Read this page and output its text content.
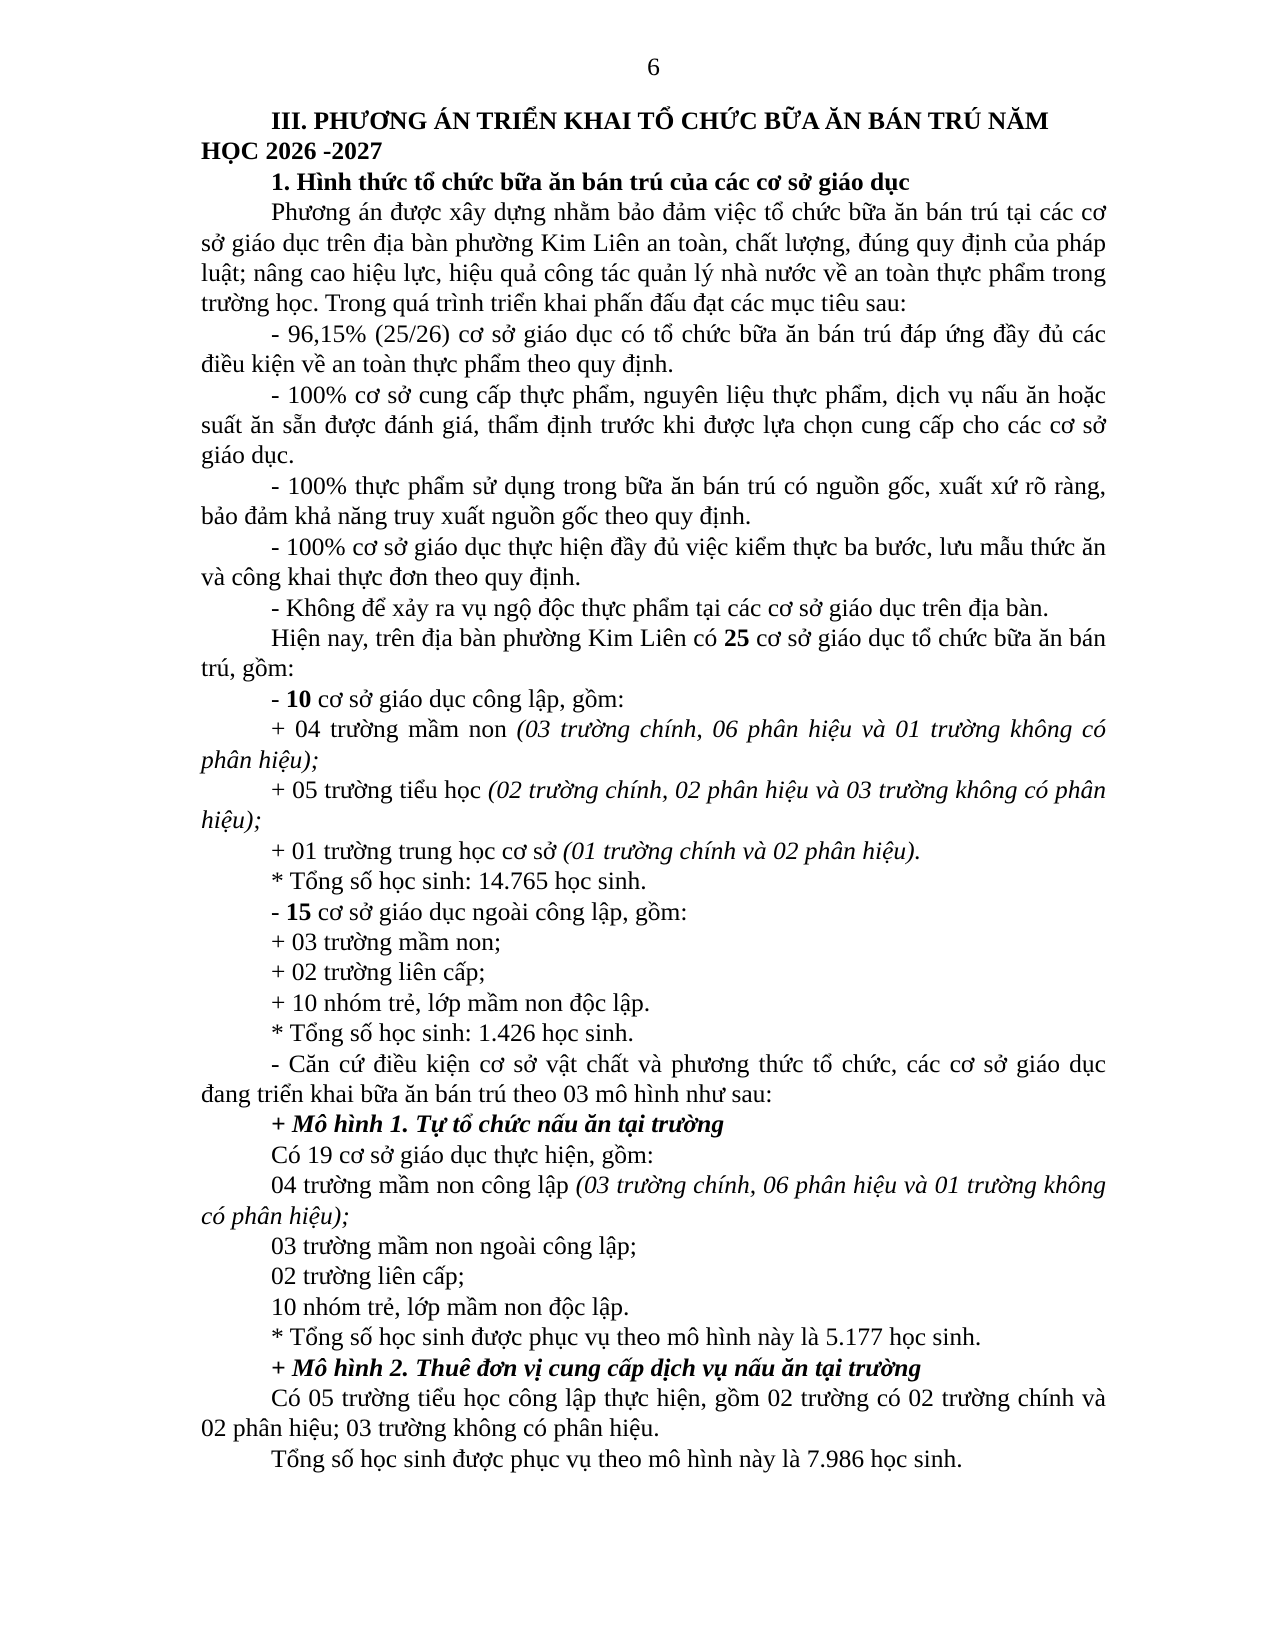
6

III. PHƯƠNG ÁN TRIỂN KHAI TỔ CHỨC BỮA ĂN BÁN TRÚ NĂM HỌC 2026 -2027

1. Hình thức tổ chức bữa ăn bán trú của các cơ sở giáo dục

Phương án được xây dựng nhằm bảo đảm việc tổ chức bữa ăn bán trú tại các cơ sở giáo dục trên địa bàn phường Kim Liên an toàn, chất lượng, đúng quy định của pháp luật; nâng cao hiệu lực, hiệu quả công tác quản lý nhà nước về an toàn thực phẩm trong trường học. Trong quá trình triển khai phấn đấu đạt các mục tiêu sau:

- 96,15% (25/26) cơ sở giáo dục có tổ chức bữa ăn bán trú đáp ứng đầy đủ các điều kiện về an toàn thực phẩm theo quy định.

- 100% cơ sở cung cấp thực phẩm, nguyên liệu thực phẩm, dịch vụ nấu ăn hoặc suất ăn sẵn được đánh giá, thẩm định trước khi được lựa chọn cung cấp cho các cơ sở giáo dục.

- 100% thực phẩm sử dụng trong bữa ăn bán trú có nguồn gốc, xuất xứ rõ ràng, bảo đảm khả năng truy xuất nguồn gốc theo quy định.

- 100% cơ sở giáo dục thực hiện đầy đủ việc kiểm thực ba bước, lưu mẫu thức ăn và công khai thực đơn theo quy định.

- Không để xảy ra vụ ngộ độc thực phẩm tại các cơ sở giáo dục trên địa bàn.

Hiện nay, trên địa bàn phường Kim Liên có 25 cơ sở giáo dục tổ chức bữa ăn bán trú, gồm:

- 10 cơ sở giáo dục công lập, gồm:

+ 04 trường mầm non (03 trường chính, 06 phân hiệu và 01 trường không có phân hiệu);

+ 05 trường tiểu học (02 trường chính, 02 phân hiệu và 03 trường không có phân hiệu);

+ 01 trường trung học cơ sở (01 trường chính và 02 phân hiệu).

* Tổng số học sinh: 14.765 học sinh.

- 15 cơ sở giáo dục ngoài công lập, gồm:

+ 03 trường mầm non;

+ 02 trường liên cấp;

+ 10 nhóm trẻ, lớp mầm non độc lập.

* Tổng số học sinh: 1.426 học sinh.

- Căn cứ điều kiện cơ sở vật chất và phương thức tổ chức, các cơ sở giáo dục đang triển khai bữa ăn bán trú theo 03 mô hình như sau:

+ Mô hình 1. Tự tổ chức nấu ăn tại trường

Có 19 cơ sở giáo dục thực hiện, gồm:

04 trường mầm non công lập (03 trường chính, 06 phân hiệu và 01 trường không có phân hiệu);

03 trường mầm non ngoài công lập;

02 trường liên cấp;

10 nhóm trẻ, lớp mầm non độc lập.

* Tổng số học sinh được phục vụ theo mô hình này là 5.177 học sinh.

+ Mô hình 2. Thuê đơn vị cung cấp dịch vụ nấu ăn tại trường

Có 05 trường tiểu học công lập thực hiện, gồm 02 trường có 02 trường chính và 02 phân hiệu; 03 trường không có phân hiệu.

Tổng số học sinh được phục vụ theo mô hình này là 7.986 học sinh.
